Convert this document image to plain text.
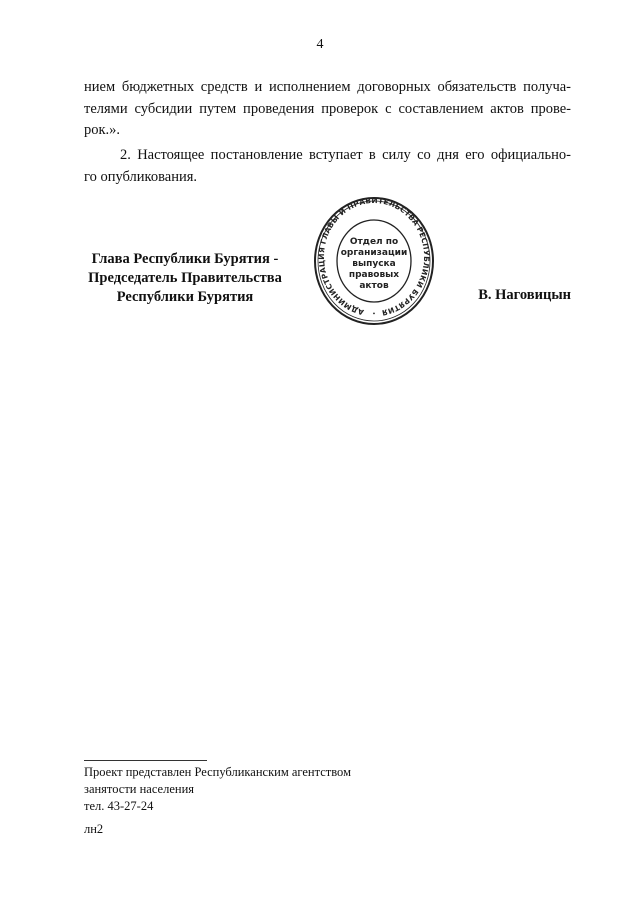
4

нием бюджетных средств и исполнением договорных обязательств получа-
телями субсидии путем проведения проверок с составлением актов прове-
рок.».

2. Настоящее постановление вступает в силу со дня его официально-
го опубликования.

Глава Республики Бурятия -
Председатель Правительства
Республики Бурятия
АДМИНИСТРАЦИЯ ГЛАВЫ И ПРАВИТЕЛЬСТВА РЕСПУБЛИКИ БУРЯТИЯ
Отдел по
организации
выпуска
правовых
актов
•
В. Наговицын
Проект представлен Республиканским агентством
занятости населения
тел. 43-27-24
лн2
